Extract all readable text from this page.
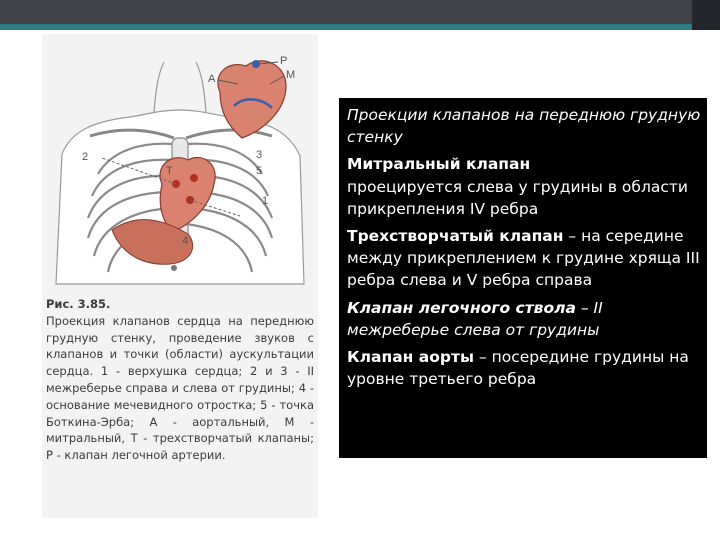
А
Р
М
Т
1
2	3
4
5
Рис. 3.85.
Проекция клапанов сердца на переднюю грудную стенку, проведение звуков с клапанов и точки (области) аускультации сердца. 1 - верхушка сердца; 2 и 3 - II межреберье справа и слева от грудины; 4 - основание мечевидного отростка; 5 - точка Боткина-Эрба; А - аортальный, М - митральный, Т - трехстворчатый клапаны; Р - клапан легочной артерии.

Проекции клапанов на переднюю грудную стенку

Митральный клапан
проецируется слева у грудины в области прикрепления IV ребра

Трехстворчатый клапан – на середине между прикреплением к грудине хряща III ребра слева и V ребра справа

Клапан легочного ствола – II межреберье слева от грудины

Клапан аорты – посередине грудины на уровне третьего ребра
